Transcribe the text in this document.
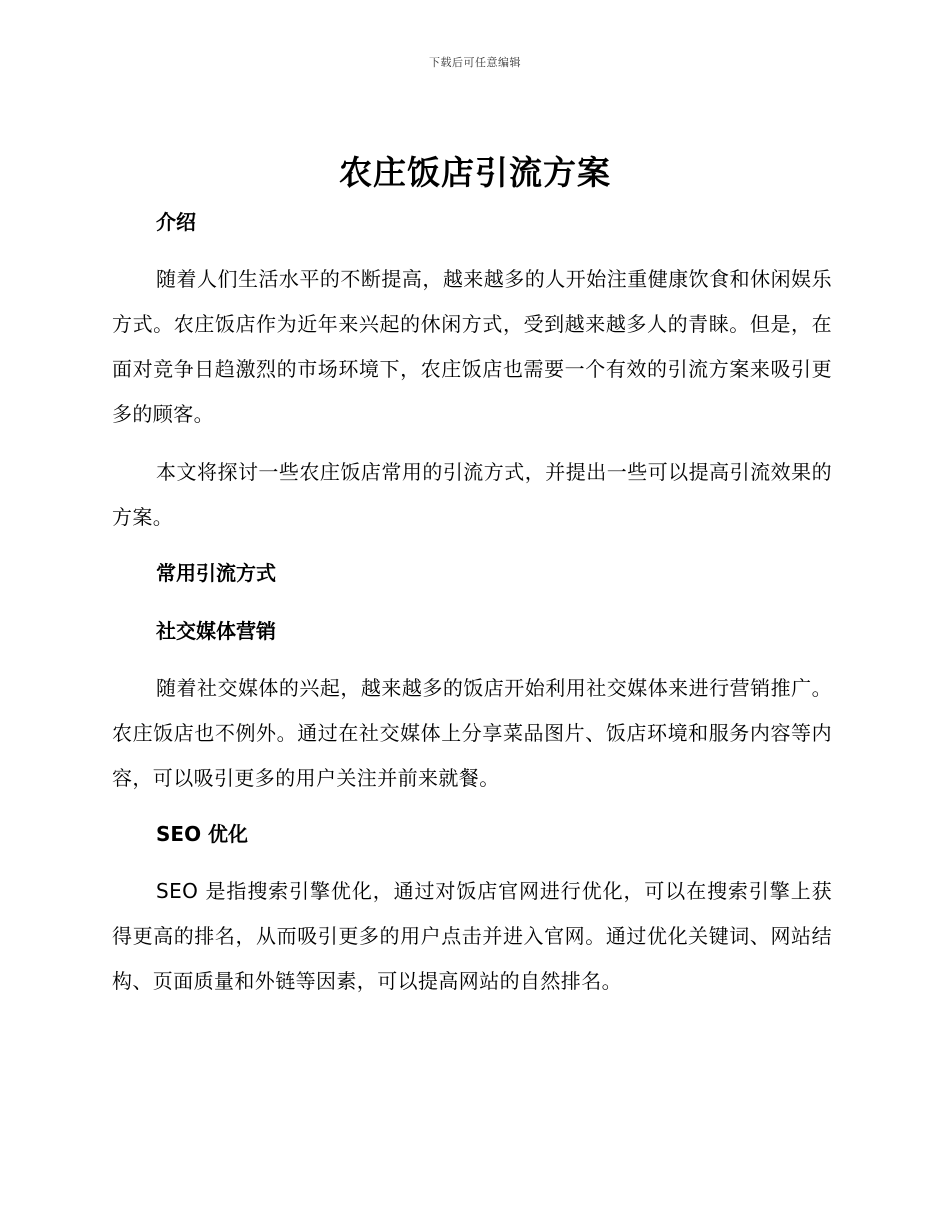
下载后可任意编辑
农庄饭店引流方案

介绍

随着人们生活水平的不断提高，越来越多的人开始注重健康饮食和休闲娱乐方式。农庄饭店作为近年来兴起的休闲方式，受到越来越多人的青睐。但是，在面对竞争日趋激烈的市场环境下，农庄饭店也需要一个有效的引流方案来吸引更多的顾客。

本文将探讨一些农庄饭店常用的引流方式，并提出一些可以提高引流效果的方案。

常用引流方式

社交媒体营销

随着社交媒体的兴起，越来越多的饭店开始利用社交媒体来进行营销推广。农庄饭店也不例外。通过在社交媒体上分享菜品图片、饭店环境和服务内容等内容，可以吸引更多的用户关注并前来就餐。

SEO 优化

SEO 是指搜索引擎优化，通过对饭店官网进行优化，可以在搜索引擎上获得更高的排名，从而吸引更多的用户点击并进入官网。通过优化关键词、网站结构、页面质量和外链等因素，可以提高网站的自然排名。
